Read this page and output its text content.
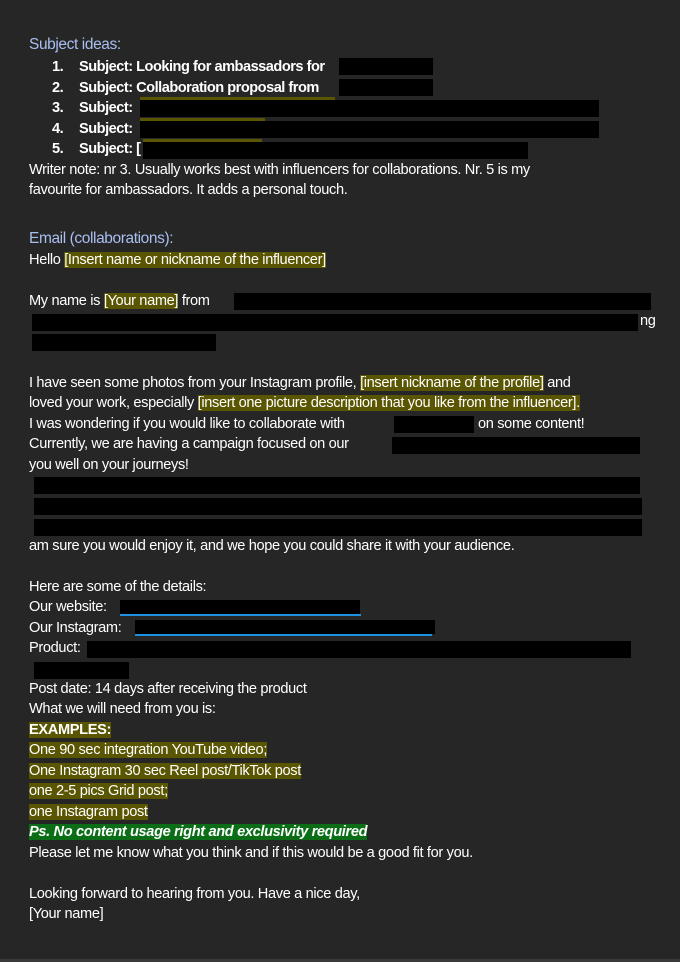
Subject ideas:
1. Subject: Looking for ambassadors for
2. Subject: Collaboration proposal from
3. Subject:
4. Subject:
5. Subject: [
Writer note: nr 3. Usually works best with influencers for collaborations. Nr. 5 is my
favourite for ambassadors. It adds a personal touch.
Email (collaborations):
Hello [Insert name or nickname of the influencer]
My name is [Your name] from
ng
I have seen some photos from your Instagram profile, [insert nickname of the profile] and
loved your work, especially [insert one picture description that you like from the influencer].
I was wondering if you would like to collaborate with	on some content!
Currently, we are having a campaign focused on our
you well on your journeys!
am sure you would enjoy it, and we hope you could share it with your audience.
Here are some of the details:
Our website:
Our Instagram:
Product:
Post date: 14 days after receiving the product
What we will need from you is:
EXAMPLES:
One 90 sec integration YouTube video;
One Instagram 30 sec Reel post/TikTok post
one 2-5 pics Grid post;
one Instagram post
Ps. No content usage right and exclusivity required
Please let me know what you think and if this would be a good fit for you.
Looking forward to hearing from you. Have a nice day,
[Your name]
